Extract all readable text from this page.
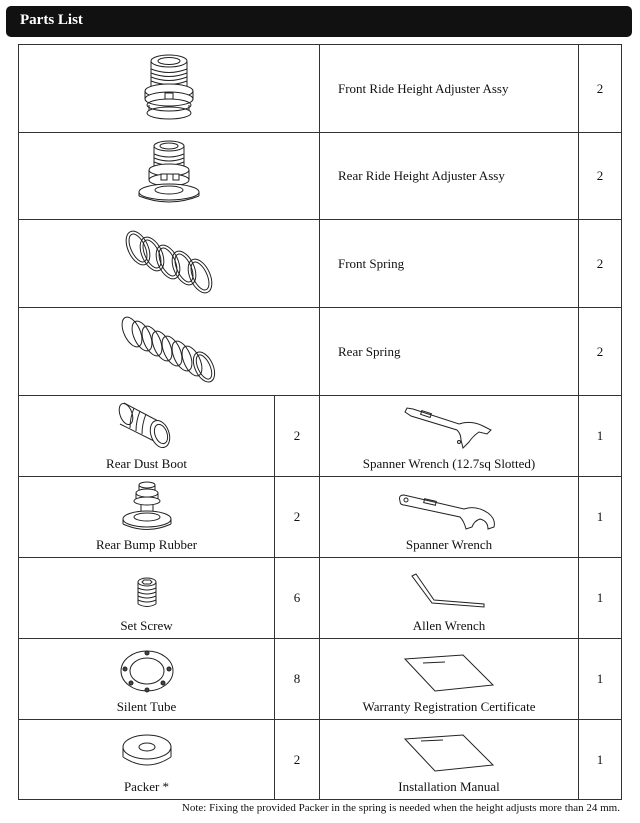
Parts List
	Front Ride Height Adjuster Assy	2
	Rear Ride Height Adjuster Assy	2
	Front Spring	2
	Rear Spring	2

Rear Dust Boot	2	Spanner Wrench (12.7sq Slotted)	1

Rear Bump Rubber	2	Spanner Wrench	1

Set Screw	6	Allen Wrench	1

Silent Tube	8	Warranty Registration Certificate	1

Packer *	2	Installation Manual	1
Note: Fixing the provided Packer in the spring is needed when the height adjusts more than 24 mm.
